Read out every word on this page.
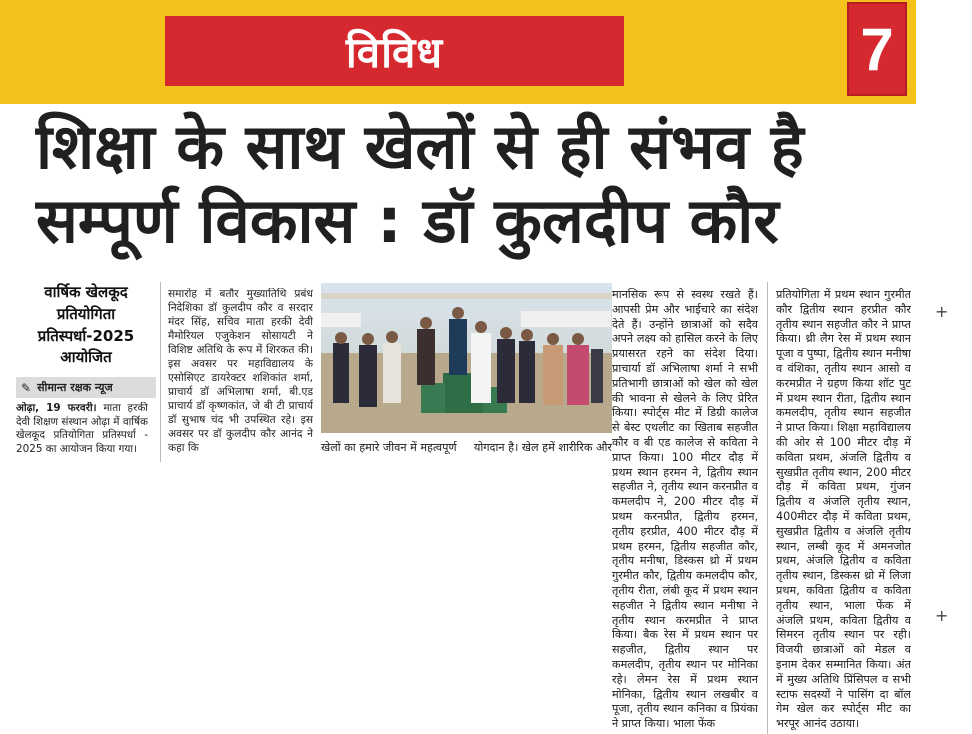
विविध	7
शिक्षा के साथ खेलों से ही संभव है
सम्पूर्ण विकास : डॉ कुलदीप कौर
वार्षिक खेलकूद प्रतियोगिता प्रतिस्पर्धा-2025 आयोजित
✎ सीमान्त रक्षक न्यूज
ओढ़ा, 19 फरवरी। माता हरकी देवी शिक्षण संस्थान ओढ़ा में वार्षिक खेलकूद प्रतियोगिता प्रतिस्पर्धा - 2025 का आयोजन किया गया।
समारोह में बतौर मुख्यातिथि प्रबंध निदेशिका डॉ कुलदीप कौर व सरदार मंदर सिंह, सचिव माता हरकी देवी मैमोरियल एजुकेशन सोसायटी ने विशिष्ट अतिथि के रूप में शिरकत की। इस अवसर पर महाविद्यालय के एसोसिएट डायरेक्टर शशिकांत शर्मा, प्राचार्य डॉ अभिलाषा शर्मा, बी.एड प्राचार्य डॉ कृष्णकांत, जे बी टी प्राचार्य डॉ सुभाष चंद भी उपस्थित रहे। इस अवसर पर डॉ कुलदीप कौर आनंद ने कहा कि	खेलों का हमारे जीवन में महत्वपूर्ण योगदान है। खेल हमें शारीरिक और
मानसिक रूप से स्वस्थ रखते हैं। आपसी प्रेम और भाईचारे का संदेश देते हैं। उन्होंने छात्राओं को सदैव अपने लक्ष्य को हासिल करने के लिए प्रयासरत रहने का संदेश दिया। प्राचार्या डॉ अभिलाषा शर्मा ने सभी प्रतिभागी छात्राओं को खेल को खेल की भावना से खेलने के लिए प्रेरित किया। स्पोर्ट्स मीट में डिग्री कालेज से बेस्ट एथलीट का खिताब सहजीत कौर व बी एड कालेज से कविता ने प्राप्त किया। 100 मीटर दौड़ में प्रथम स्थान हरमन ने, द्वितीय स्थान सहजीत ने, तृतीय स्थान करनप्रीत व कमलदीप ने, 200 मीटर दौड़ में प्रथम करनप्रीत, द्वितीय हरमन, तृतीय हरप्रीत, 400 मीटर दौड़ में प्रथम हरमन, द्वितीय सहजीत कौर, तृतीय मनीषा, डिस्कस थ्रो में प्रथम गुरमीत कौर, द्वितीय कमलदीप कौर, तृतीय रीता, लंबी कूद में प्रथम स्थान सहजीत ने द्वितीय स्थान मनीषा ने तृतीय स्थान करमप्रीत ने प्राप्त किया। बैक रेस में प्रथम स्थान पर सहजीत, द्वितीय स्थान पर कमलदीप, तृतीय स्थान पर मोनिका रहे। लेमन रेस में प्रथम स्थान मोनिका, द्वितीय स्थान लखबीर व पूजा, तृतीय स्थान कनिका व प्रियंका ने प्राप्त किया। भाला फेंक
प्रतियोगिता में प्रथम स्थान गुरमीत कौर द्वितीय स्थान हरप्रीत कौर तृतीय स्थान सहजीत कौर ने प्राप्त किया। थ्री लैग रेस में प्रथम स्थान पूजा व पुष्पा, द्वितीय स्थान मनीषा व वंशिका, तृतीय स्थान आसो व करमप्रीत ने ग्रहण किया शॉट पुट में प्रथम स्थान रीता, द्वितीय स्थान कमलदीप, तृतीय स्थान सहजीत ने प्राप्त किया। शिक्षा महाविद्यालय की ओर से 100 मीटर दौड़ में कविता प्रथम, अंजलि द्वितीय व सुखप्रीत तृतीय स्थान, 200 मीटर दौड़ में कविता प्रथम, गुंजन द्वितीय व अंजलि तृतीय स्थान, 400मीटर दौड़ में कविता प्रथम, सुखप्रीत द्वितीय व अंजलि तृतीय स्थान, लम्बी कूद में अमनजोत प्रथम, अंजलि द्वितीय व कविता तृतीय स्थान, डिस्कस थ्रो में लिजा प्रथम, कविता द्वितीय व कविता तृतीय स्थान, भाला फेंक में अंजलि प्रथम, कविता द्वितीय व सिमरन तृतीय स्थान पर रही। विजयी छात्राओं को मेडल व इनाम देकर सम्मानित किया। अंत में मुख्य अतिथि प्रिंसिपल व सभी स्टाफ सदस्यों ने पासिंग दा बॉल गेम खेल कर स्पोर्ट्स मीट का भरपूर आनंद उठाया।
+
+
